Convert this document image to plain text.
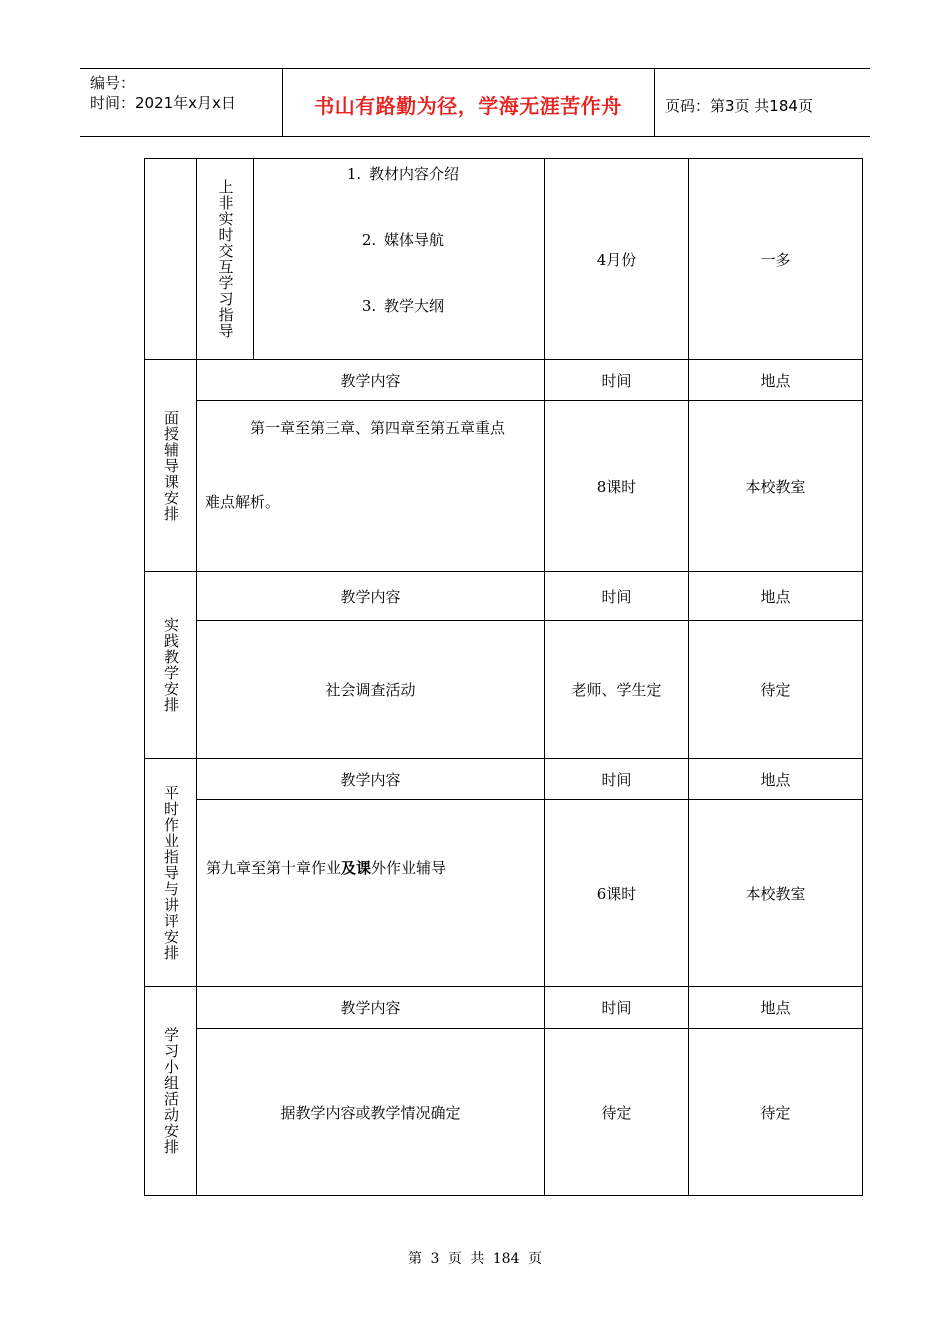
编号：
时间：2021年x月x日	书山有路勤为径，学海无涯苦作舟	页码：第3页 共184页

	上非实时交互学习指导	1. 教材内容介绍
2. 媒体导航
3. 教学大纲	4月份	一多

面授辅导课安排	教学内容		时间	地点

	第一章至第三章、第四章至第五章重点
难点解析。		8课时	本校教室

实践教学安排	教学内容		时间	地点
	社会调查活动		老师、学生定	待定

平时作业指导与讲评安排	教学内容		时间	地点

	第九章至第十章作业及课外作业辅导		6课时	本校教室

学习小组活动安排	教学内容		时间	地点
	据教学内容或教学情况确定		待定	待定
第 3 页 共 184 页
